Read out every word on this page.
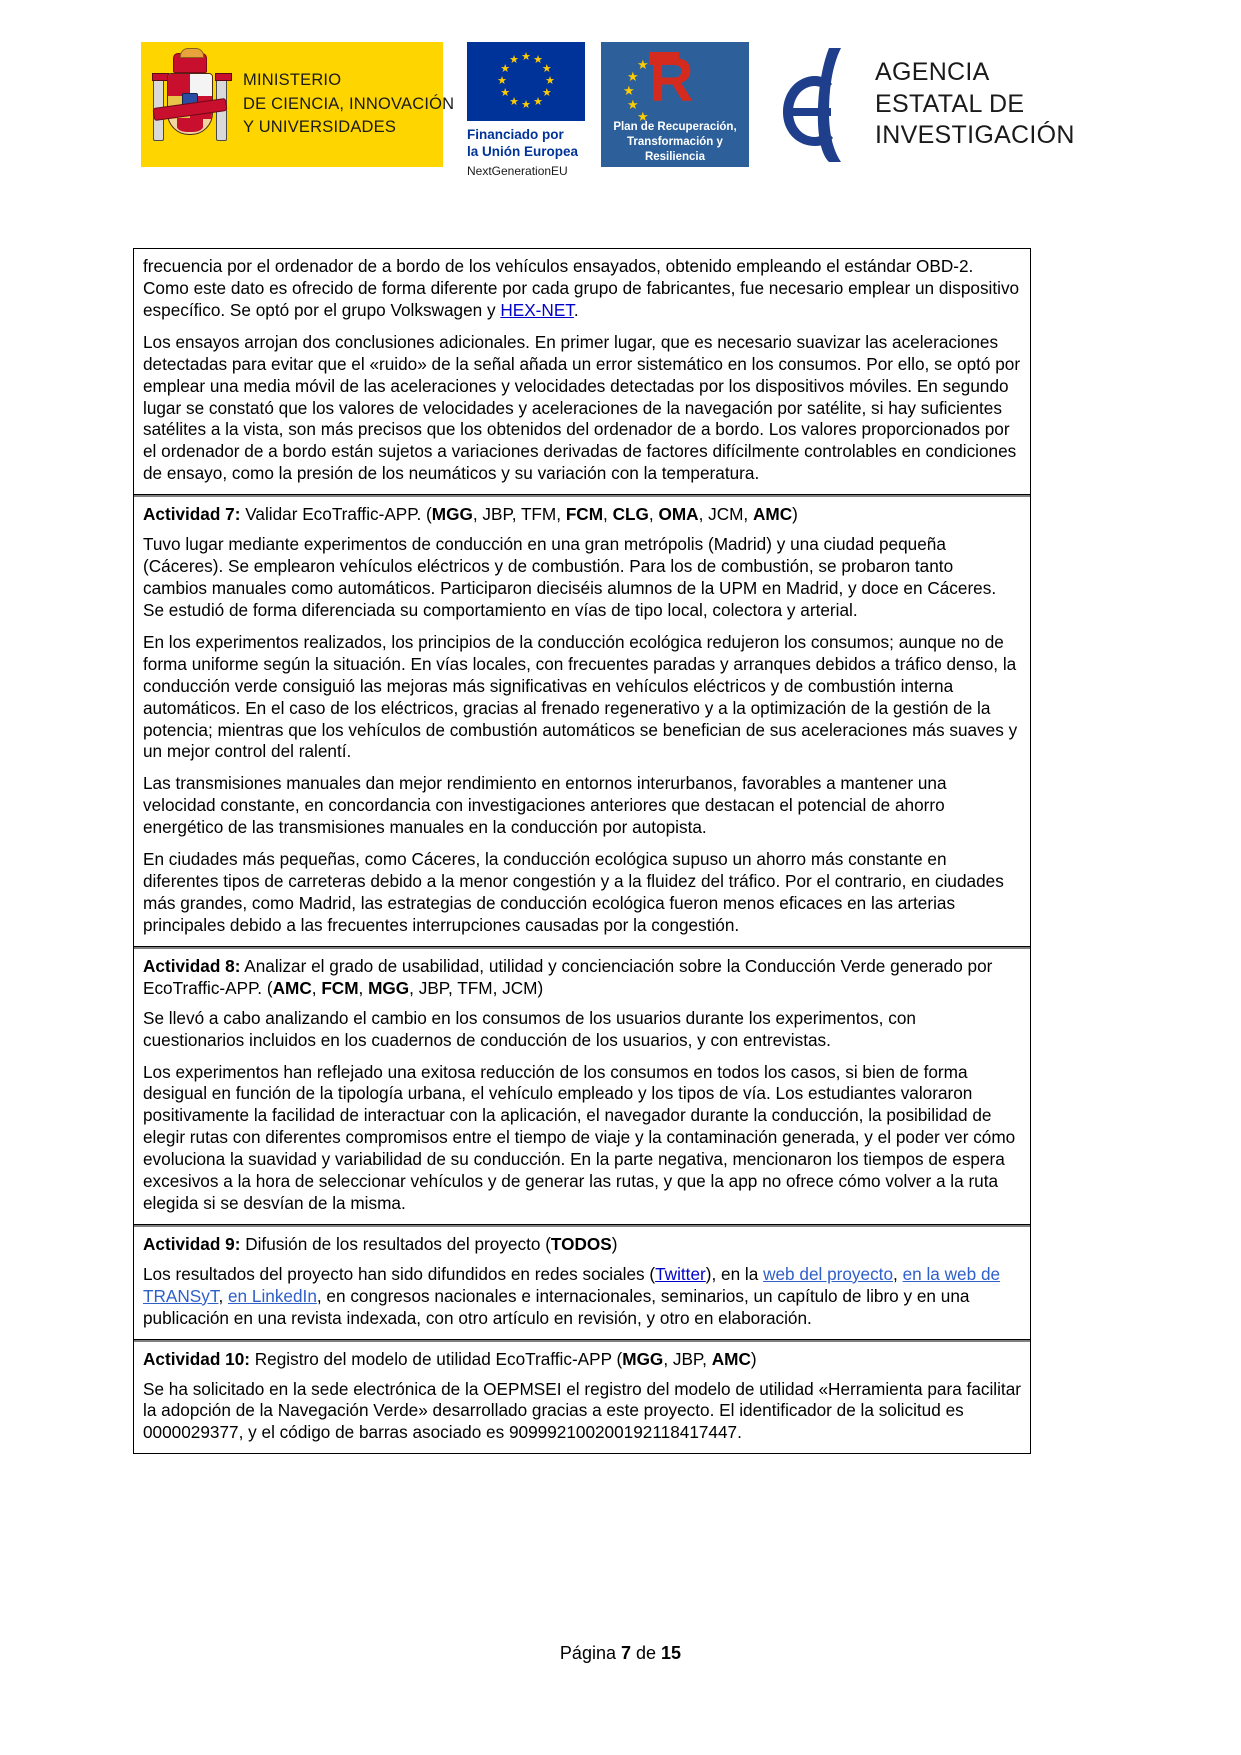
MINISTERIO
DE CIENCIA, INNOVACIÓN
Y UNIVERSIDADES
★ ★
★
★
★
★
★
★
★
★
★
★
Financiado por
la Unión Europea
NextGenerationEU
★
★
★
★
★
R
Plan de Recuperación,
Transformación y
Resiliencia
AGENCIA
ESTATAL DE
INVESTIGACIÓN

frecuencia por el ordenador de a bordo de los vehículos ensayados, obtenido empleando el estándar OBD-2. Como este dato es ofrecido de forma diferente por cada grupo de fabricantes, fue necesario emplear un dispositivo específico. Se optó por el grupo Volkswagen y HEX-NET.

Los ensayos arrojan dos conclusiones adicionales. En primer lugar, que es necesario suavizar las aceleraciones detectadas para evitar que el «ruido» de la señal añada un error sistemático en los consumos. Por ello, se optó por emplear una media móvil de las aceleraciones y velocidades detectadas por los dispositivos móviles. En segundo lugar se constató que los valores de velocidades y aceleraciones de la navegación por satélite, si hay suficientes satélites a la vista, son más precisos que los obtenidos del ordenador de a bordo. Los valores proporcionados por el ordenador de a bordo están sujetos a variaciones derivadas de factores difícilmente controlables en condiciones de ensayo, como la presión de los neumáticos y su variación con la temperatura.

Actividad 7: Validar EcoTraffic-APP. (MGG, JBP, TFM, FCM, CLG, OMA, JCM, AMC)

Tuvo lugar mediante experimentos de conducción en una gran metrópolis (Madrid) y una ciudad pequeña (Cáceres). Se emplearon vehículos eléctricos y de combustión. Para los de combustión, se probaron tanto cambios manuales como automáticos. Participaron dieciséis alumnos de la UPM en Madrid, y doce en Cáceres. Se estudió de forma diferenciada su comportamiento en vías de tipo local, colectora y arterial.

En los experimentos realizados, los principios de la conducción ecológica redujeron los consumos; aunque no de forma uniforme según la situación. En vías locales, con frecuentes paradas y arranques debidos a tráfico denso, la conducción verde consiguió las mejoras más significativas en vehículos eléctricos y de combustión interna automáticos. En el caso de los eléctricos, gracias al frenado regenerativo y a la optimización de la gestión de la potencia; mientras que los vehículos de combustión automáticos se benefician de sus aceleraciones más suaves y un mejor control del ralentí.

Las transmisiones manuales dan mejor rendimiento en entornos interurbanos, favorables a mantener una velocidad constante, en concordancia con investigaciones anteriores que destacan el potencial de ahorro energético de las transmisiones manuales en la conducción por autopista.

En ciudades más pequeñas, como Cáceres, la conducción ecológica supuso un ahorro más constante en diferentes tipos de carreteras debido a la menor congestión y a la fluidez del tráfico. Por el contrario, en ciudades más grandes, como Madrid, las estrategias de conducción ecológica fueron menos eficaces en las arterias principales debido a las frecuentes interrupciones causadas por la congestión.

Actividad 8: Analizar el grado de usabilidad, utilidad y concienciación sobre la Conducción Verde generado por EcoTraffic-APP. (AMC, FCM, MGG, JBP, TFM, JCM)

Se llevó a cabo analizando el cambio en los consumos de los usuarios durante los experimentos, con cuestionarios incluidos en los cuadernos de conducción de los usuarios, y con entrevistas.

Los experimentos han reflejado una exitosa reducción de los consumos en todos los casos, si bien de forma desigual en función de la tipología urbana, el vehículo empleado y los tipos de vía. Los estudiantes valoraron positivamente la facilidad de interactuar con la aplicación, el navegador durante la conducción, la posibilidad de elegir rutas con diferentes compromisos entre el tiempo de viaje y la contaminación generada, y el poder ver cómo evoluciona la suavidad y variabilidad de su conducción. En la parte negativa, mencionaron los tiempos de espera excesivos a la hora de seleccionar vehículos y de generar las rutas, y que la app no ofrece cómo volver a la ruta elegida si se desvían de la misma.

Actividad 9: Difusión de los resultados del proyecto (TODOS)

Los resultados del proyecto han sido difundidos en redes sociales (Twitter), en la web del proyecto, en la web de TRANSyT, en LinkedIn, en congresos nacionales e internacionales, seminarios, un capítulo de libro y en una publicación en una revista indexada, con otro artículo en revisión, y otro en elaboración.

Actividad 10: Registro del modelo de utilidad EcoTraffic-APP (MGG, JBP, AMC)

Se ha solicitado en la sede electrónica de la OEPMSEI el registro del modelo de utilidad «Herramienta para facilitar la adopción de la Navegación Verde» desarrollado gracias a este proyecto. El identificador de la solicitud es 0000029377, y el código de barras asociado es 909992100200192118417447.

Página 7 de 15
